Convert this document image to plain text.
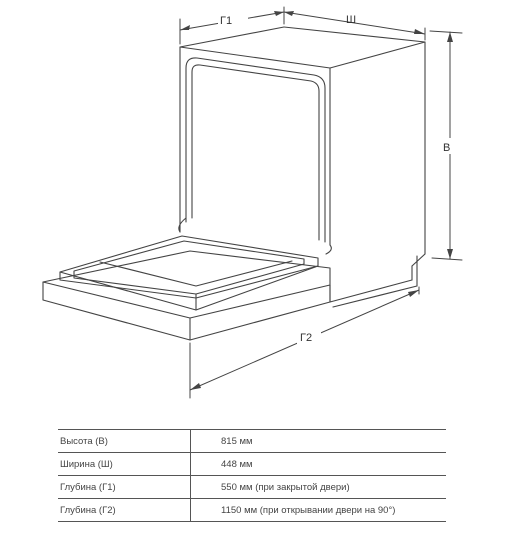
Г1	Ш
В
Г2
Высота (В)	815 мм
Ширина (Ш)	448 мм
Глубина (Г1)	550 мм (при закрытой двери)
Глубина (Г2)	1150 мм (при открывании двери на 90°)
